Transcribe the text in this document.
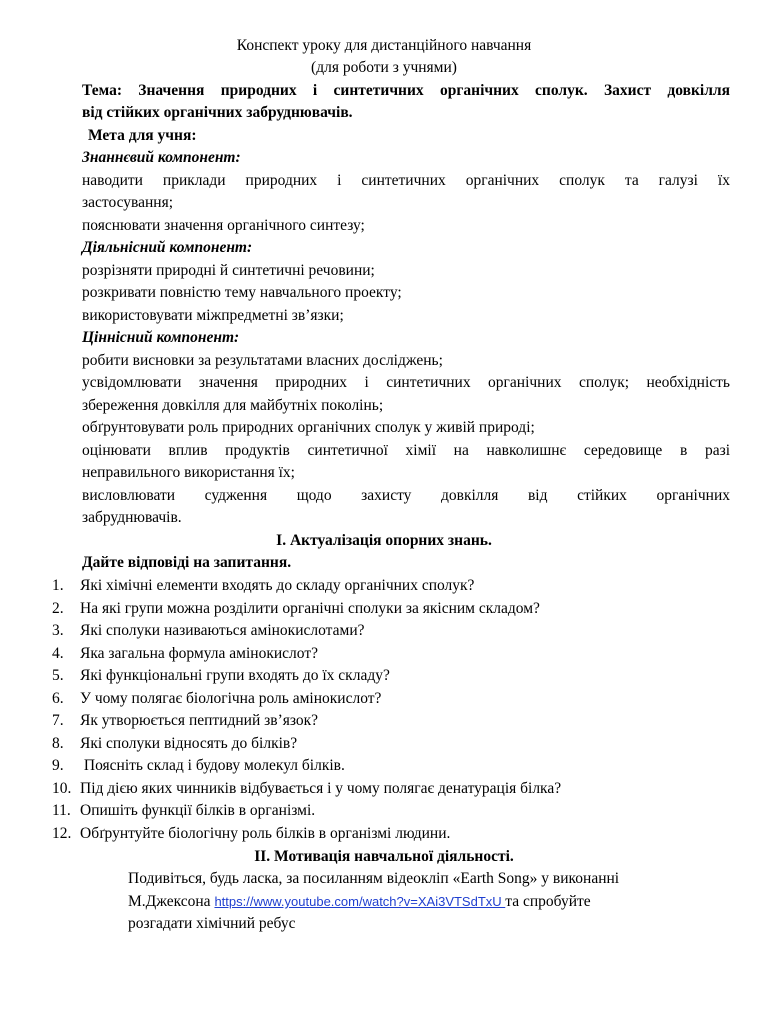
Конспект уроку для дистанційного навчання
(для роботи з учнями)
Тема: Значення природних і синтетичних органічних сполук. Захист довкілля
від стійких органічних забруднювачів.
Мета для учня:
Знаннєвий компонент:
наводити приклади природних і синтетичних органічних сполук та галузі їх
застосування;
пояснювати значення органічного синтезу;
Діяльнісний компонент:
розрізняти природні й синтетичні речовини;
розкривати повністю тему навчального проекту;
використовувати міжпредметні зв’язки;
Ціннісний компонент:
робити висновки за результатами власних досліджень;
усвідомлювати значення природних і синтетичних органічних сполук; необхідність
збереження довкілля для майбутніх поколінь;
обґрунтовувати роль природних органічних сполук у живій природі;
оцінювати вплив продуктів синтетичної хімії на навколишнє середовище в разі
неправильного використання їх;
висловлювати судження щодо захисту довкілля від стійких органічних
забруднювачів.
І. Актуалізація опорних знань.
Дайте відповіді на запитання.
1. Які хімічні елементи входять до складу органічних сполук?
2. На які групи можна розділити органічні сполуки за якісним складом?
3. Які сполуки називаються амінокислотами?
4. Яка загальна формула амінокислот?
5. Які функціональні групи входять до їх складу?
6. У чому полягає біологічна роль амінокислот?
7. Як утворюється пептидний зв’язок?
8. Які сполуки відносять до білків?
9. Поясніть склад і будову молекул білків.
10. Під дією яких чинників відбувається і у чому полягає денатурація білка?
11. Опишіть функції білків в організмі.
12. Обґрунтуйте біологічну роль білків в організмі людини.
ІІ. Мотивація навчальної діяльності.
Подивіться, будь ласка, за посиланням відеокліп «Earth Song» у виконанні
М.Джексона https://www.youtube.com/watch?v=XAi3VTSdTxU та спробуйте
розгадати хімічний ребус
